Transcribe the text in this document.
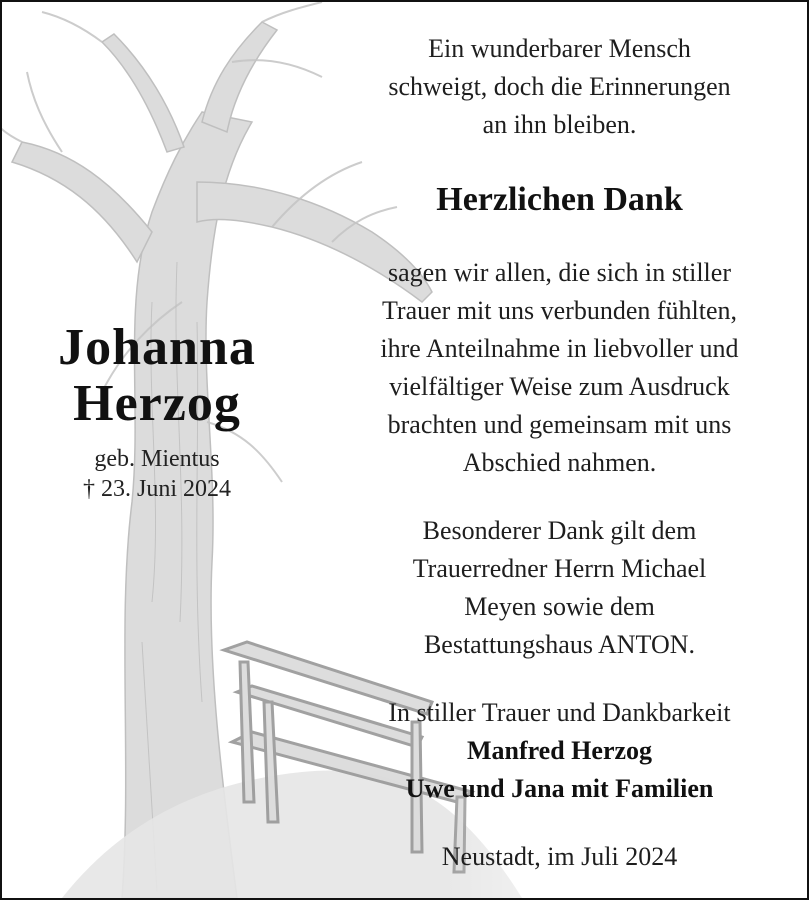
Johanna
Herzog
geb. Mientus
† 23. Juni 2024
Ein wunderbarer Mensch
schweigt, doch die Erinnerungen
an ihn bleiben.
Herzlichen Dank
sagen wir allen, die sich in stiller
Trauer mit uns verbunden fühlten,
ihre Anteilnahme in liebvoller und
vielfältiger Weise zum Ausdruck
brachten und gemeinsam mit uns
Abschied nahmen.
Besonderer Dank gilt dem
Trauerredner Herrn Michael
Meyen sowie dem
Bestattungshaus ANTON.
In stiller Trauer und Dankbarkeit
Manfred Herzog
Uwe und Jana mit Familien
Neustadt, im Juli 2024
